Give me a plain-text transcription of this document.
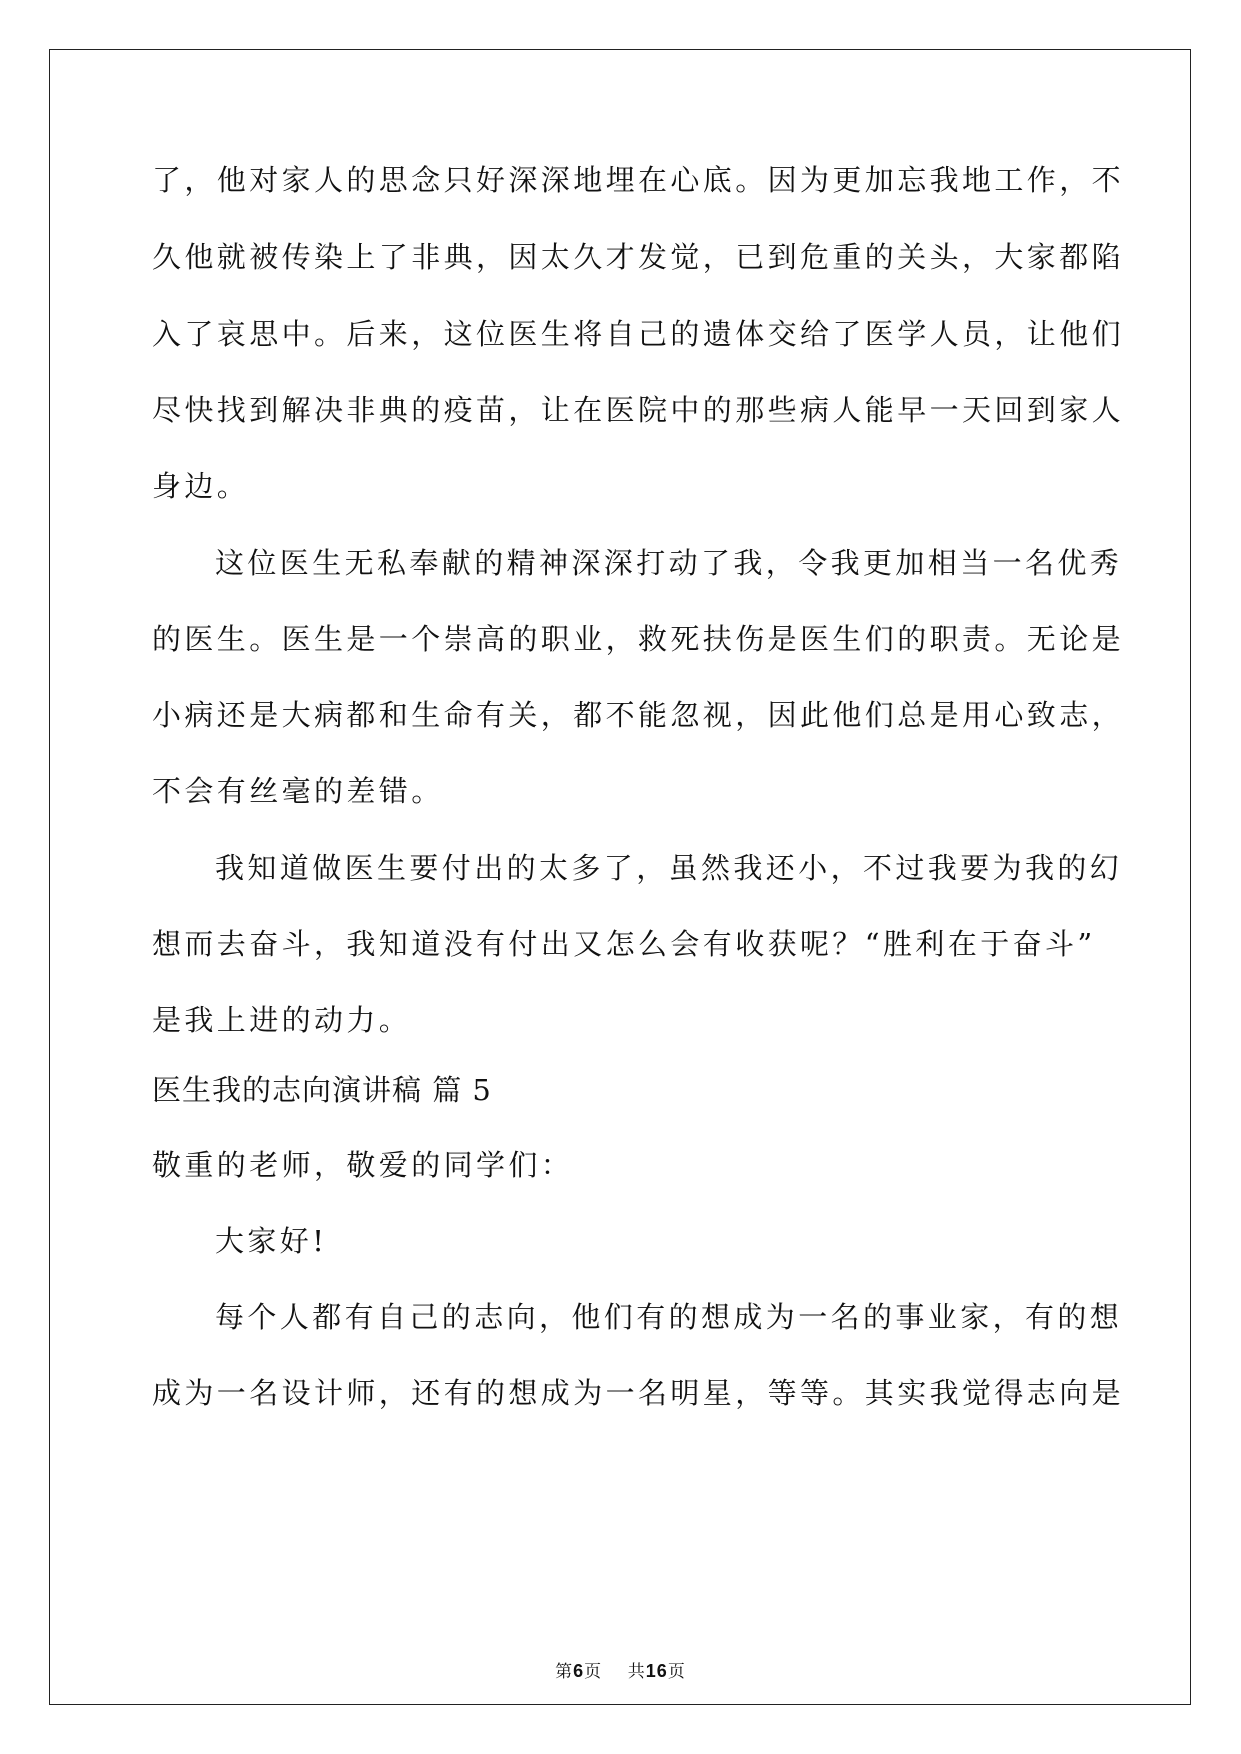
了，他对家人的思念只好深深地埋在心底。因为更加忘我地工作，不
久他就被传染上了非典，因太久才发觉，已到危重的关头，大家都陷
入了哀思中。后来，这位医生将自己的遗体交给了医学人员，让他们
尽快找到解决非典的疫苗，让在医院中的那些病人能早一天回到家人
身边。
这位医生无私奉献的精神深深打动了我，令我更加相当一名优秀
的医生。医生是一个崇高的职业，救死扶伤是医生们的职责。无论是
小病还是大病都和生命有关，都不能忽视，因此他们总是用心致志，
不会有丝毫的差错。
我知道做医生要付出的太多了，虽然我还小，不过我要为我的幻
想而去奋斗，我知道没有付出又怎么会有收获呢？“胜利在于奋斗”
是我上进的动力。
医生我的志向演讲稿 篇 5
敬重的老师，敬爱的同学们：
大家好!
每个人都有自己的志向，他们有的想成为一名的事业家，有的想
成为一名设计师，还有的想成为一名明星，等等。其实我觉得志向是
第6页 共16页
